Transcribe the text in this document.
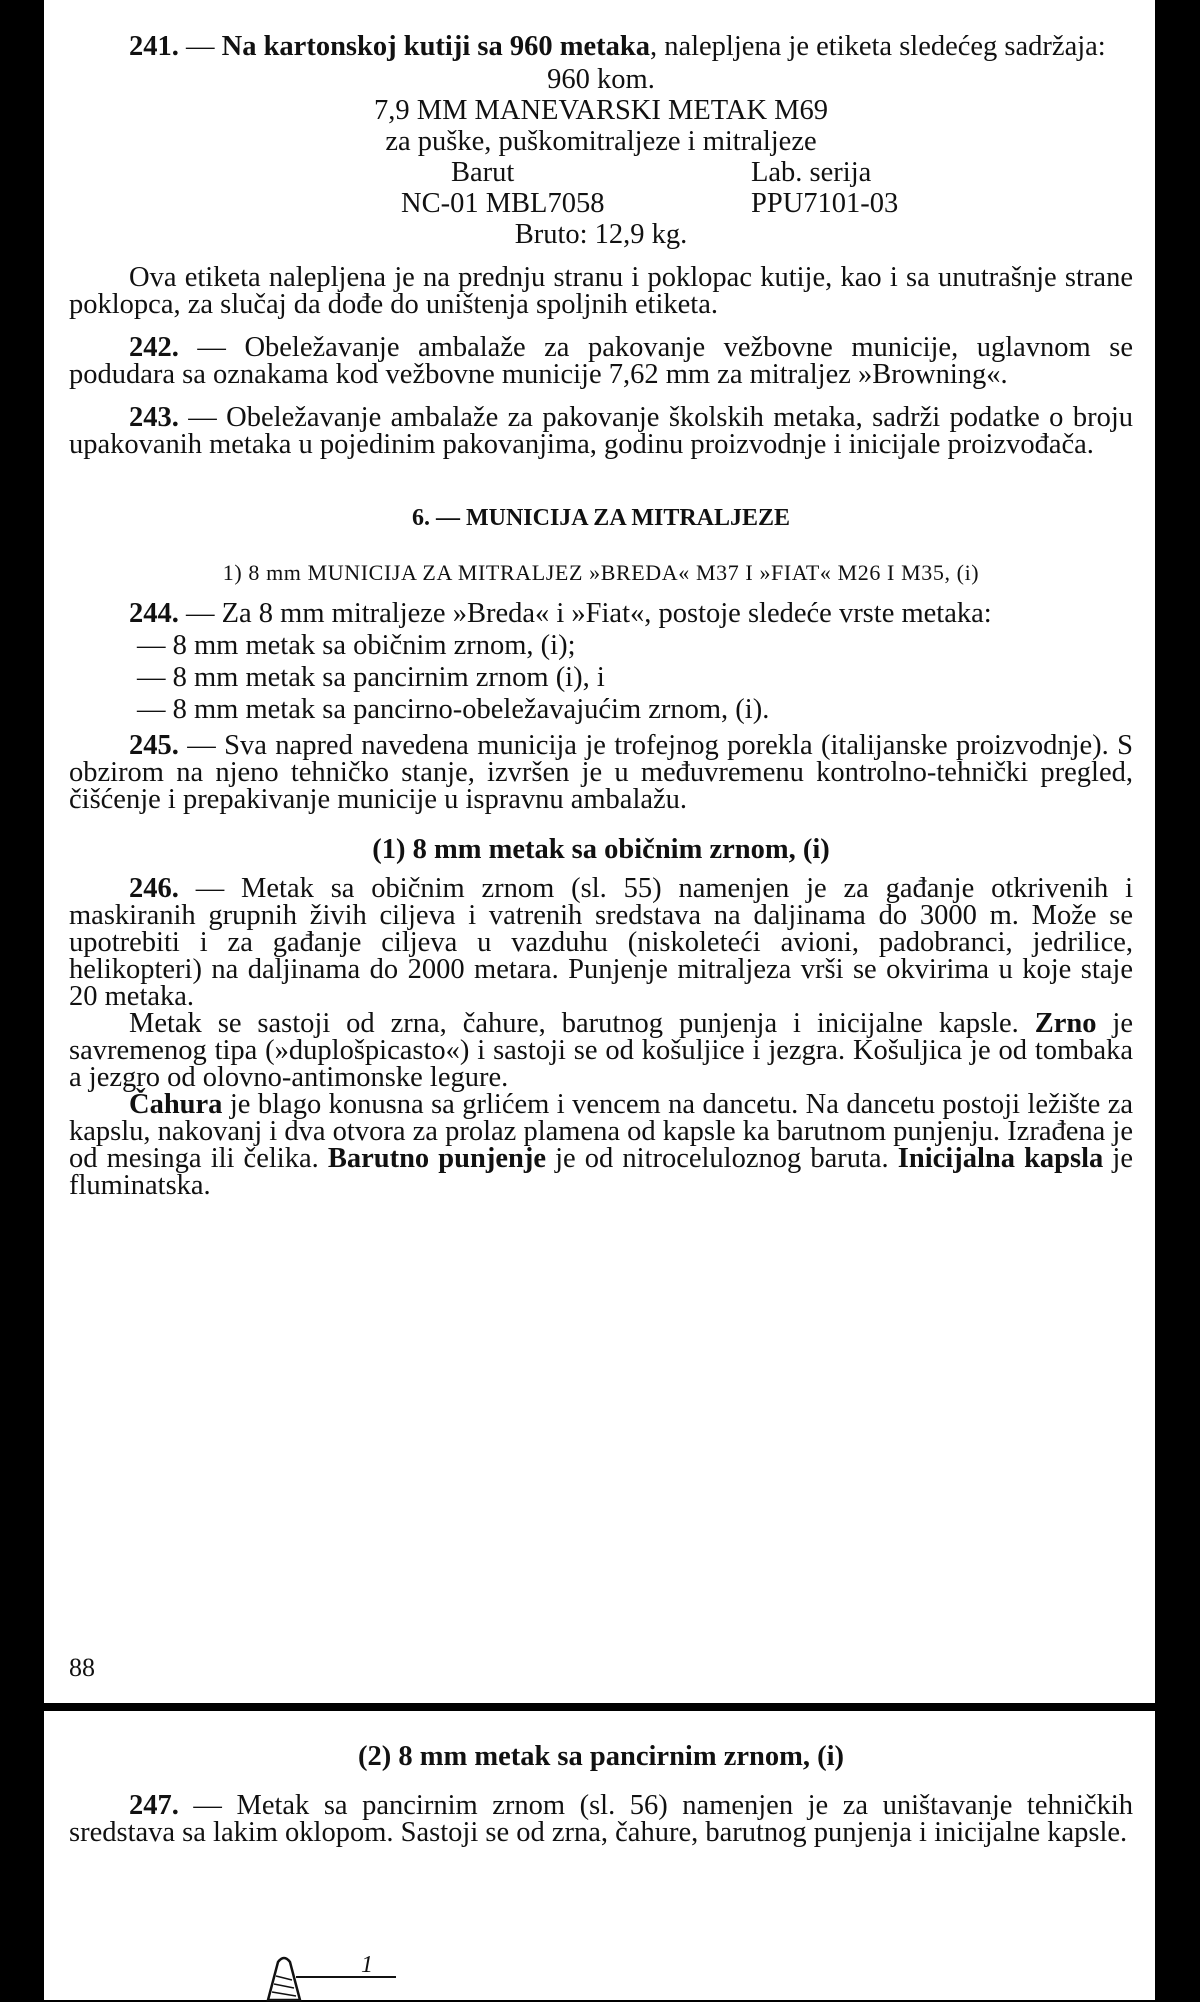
241. — Na kartonskoj kutiji sa 960 metaka, nalepljena je etiketa sledećeg sadržaja:

960 kom.
7,9 MM MANEVARSKI METAK M69
za puške, puškomitraljeze i mitraljeze
Barut	Lab. serija
NC-01 MBL7058	PPU7101-03
Bruto: 12,9 kg.

Ova etiketa nalepljena je na prednju stranu i poklopac kutije, kao i sa unutrašnje strane poklopca, za slučaj da dođe do uništenja spoljnih etiketa.

242. — Obeležavanje ambalaže za pakovanje vežbovne municije, uglavnom se podudara sa oznakama kod vežbovne municije 7,62 mm za mitraljez »Browning«.

243. — Obeležavanje ambalaže za pakovanje školskih metaka, sadrži podatke o broju upakovanih metaka u pojedinim pakovanjima, godinu proizvodnje i inicijale proizvođača.

6. — MUNICIJA ZA MITRALJEZE
1) 8 mm MUNICIJA ZA MITRALJEZ »BREDA« M37 I »FIAT« M26 I M35, (i)

244. — Za 8 mm mitraljeze »Breda« i »Fiat«, postoje sledeće vrste metaka:

— 8 mm metak sa običnim zrnom, (i);
— 8 mm metak sa pancirnim zrnom (i), i
— 8 mm metak sa pancirno-obeležavajućim zrnom, (i).

245. — Sva napred navedena municija je trofejnog porekla (italijanske proizvodnje). S obzirom na njeno tehničko stanje, izvršen je u međuvremenu kontrolno-tehnički pregled, čišćenje i prepakivanje municije u ispravnu ambalažu.

(1) 8 mm metak sa običnim zrnom, (i)

246. — Metak sa običnim zrnom (sl. 55) namenjen je za gađanje otkrivenih i maskiranih grupnih živih ciljeva i vatrenih sredstava na daljinama do 3000 m. Može se upotrebiti i za gađanje ciljeva u vazduhu (niskoleteći avioni, padobranci, jedrilice, helikopteri) na daljinama do 2000 metara. Punjenje mitraljeza vrši se okvirima u koje staje 20 metaka.

Metak se sastoji od zrna, čahure, barutnog punjenja i inicijalne kapsle. Zrno je savremenog tipa (»duplošpicasto«) i sastoji se od košuljice i jezgra. Košuljica je od tombaka a jezgro od olovno-antimonske legure.

Čahura je blago konusna sa grlićem i vencem na dancetu. Na dancetu postoji ležište za kapslu, nakovanj i dva otvora za prolaz plamena od kapsle ka barutnom punjenju. Izrađena je od mesinga ili čelika. Barutno punjenje je od nitroceluloznog baruta. Inicijalna kapsla je fluminatska.

88
(2) 8 mm metak sa pancirnim zrnom, (i)

247. — Metak sa pancirnim zrnom (sl. 56) namenjen je za uništavanje tehničkih sredstava sa lakim oklopom. Sastoji se od zrna, čahure, barutnog punjenja i inicijalne kapsle.

1
